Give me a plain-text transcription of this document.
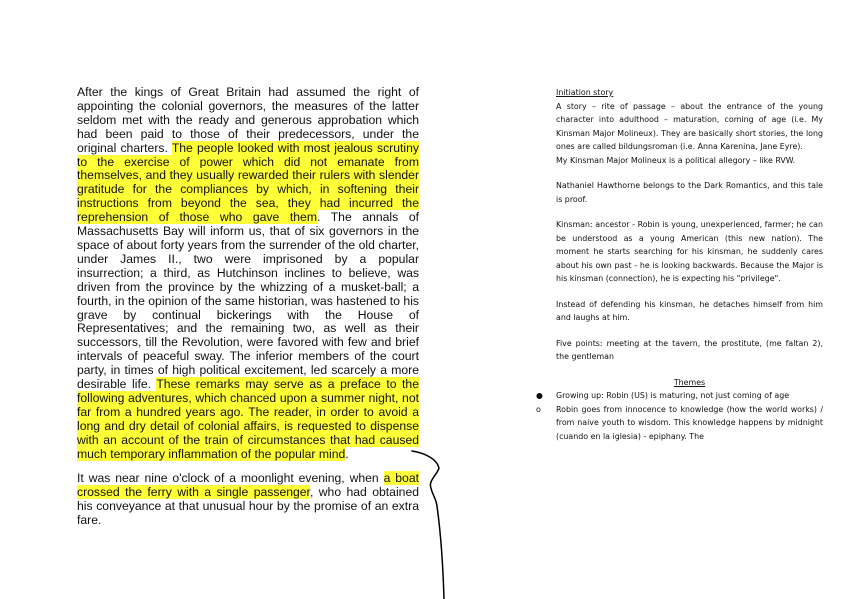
After the kings of Great Britain had assumed the right of appointing the colonial governors, the measures of the latter seldom met with the ready and generous approbation which had been paid to those of their predecessors, under the original charters. The people looked with most jealous scrutiny to the exercise of power which did not emanate from themselves, and they usually rewarded their rulers with slender gratitude for the compliances by which, in softening their instructions from beyond the sea, they had incurred the reprehension of those who gave them. The annals of Massachusetts Bay will inform us, that of six governors in the space of about forty years from the surrender of the old charter, under James II., two were imprisoned by a popular insurrection; a third, as Hutchinson inclines to believe, was driven from the province by the whizzing of a musket-ball; a fourth, in the opinion of the same historian, was hastened to his grave by continual bickerings with the House of Representatives; and the remaining two, as well as their successors, till the Revolution, were favored with few and brief intervals of peaceful sway. The inferior members of the court party, in times of high political excitement, led scarcely a more desirable life. These remarks may serve as a preface to the following adventures, which chanced upon a summer night, not far from a hundred years ago. The reader, in order to avoid a long and dry detail of colonial affairs, is requested to dispense with an account of the train of circumstances that had caused much temporary inflammation of the popular mind.

It was near nine o'clock of a moonlight evening, when a boat crossed the ferry with a single passenger, who had obtained his conveyance at that unusual hour by the promise of an extra fare.

Initiation story

A story – rite of passage – about the entrance of the young character into adulthood – maturation, coming of age (i.e. My Kinsman Major Molineux). They are basically short stories, the long ones are called bildungsroman (i.e. Anna Karenina, Jane Eyre).

My Kinsman Major Molineux is a political allegory – like RVW.

Nathaniel Hawthorne belongs to the Dark Romantics, and this tale is proof.

Kinsman: ancestor - Robin is young, unexperienced, farmer; he can be understood as a young American (this new nation). The moment he starts searching for his kinsman, he suddenly cares about his own past - he is looking backwards. Because the Major is his kinsman (connection), he is expecting his "privilege".

Instead of defending his kinsman, he detaches himself from him and laughs at him.

Five points: meeting at the tavern, the prostitute, (me faltan 2), the gentleman

Themes

● Growing up: Robin (US) is maturing, not just coming of age
o Robin goes from innocence to knowledge (how the world works) / from naive youth to wisdom. This knowledge happens by midnight (cuando en la iglesia) - epiphany. The
